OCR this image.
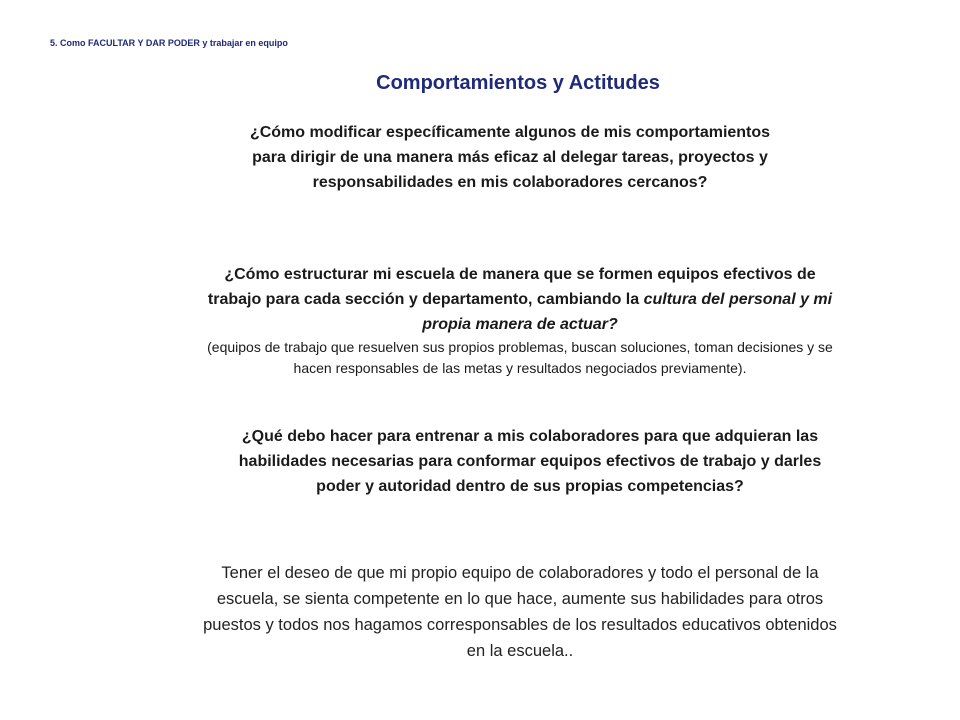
5. Como FACULTAR Y DAR PODER y trabajar en equipo
Comportamientos y Actitudes
¿Cómo modificar específicamente algunos de mis comportamientos para dirigir de una manera más eficaz al delegar tareas, proyectos y responsabilidades en mis colaboradores cercanos?
¿Cómo estructurar mi escuela de manera que se formen equipos efectivos de trabajo para cada sección y departamento, cambiando la cultura del personal y mi propia manera de actuar?
(equipos de trabajo que resuelven sus propios problemas, buscan soluciones, toman decisiones y se hacen responsables de las metas y resultados negociados previamente).
¿Qué debo hacer para entrenar a mis colaboradores para que adquieran las habilidades necesarias para conformar equipos efectivos de trabajo y darles poder y autoridad dentro de sus propias competencias?
Tener el deseo de que mi propio equipo de colaboradores y todo el personal de la escuela, se sienta competente en lo que hace, aumente sus habilidades para otros puestos y todos nos hagamos corresponsables de los resultados educativos obtenidos en la escuela..
